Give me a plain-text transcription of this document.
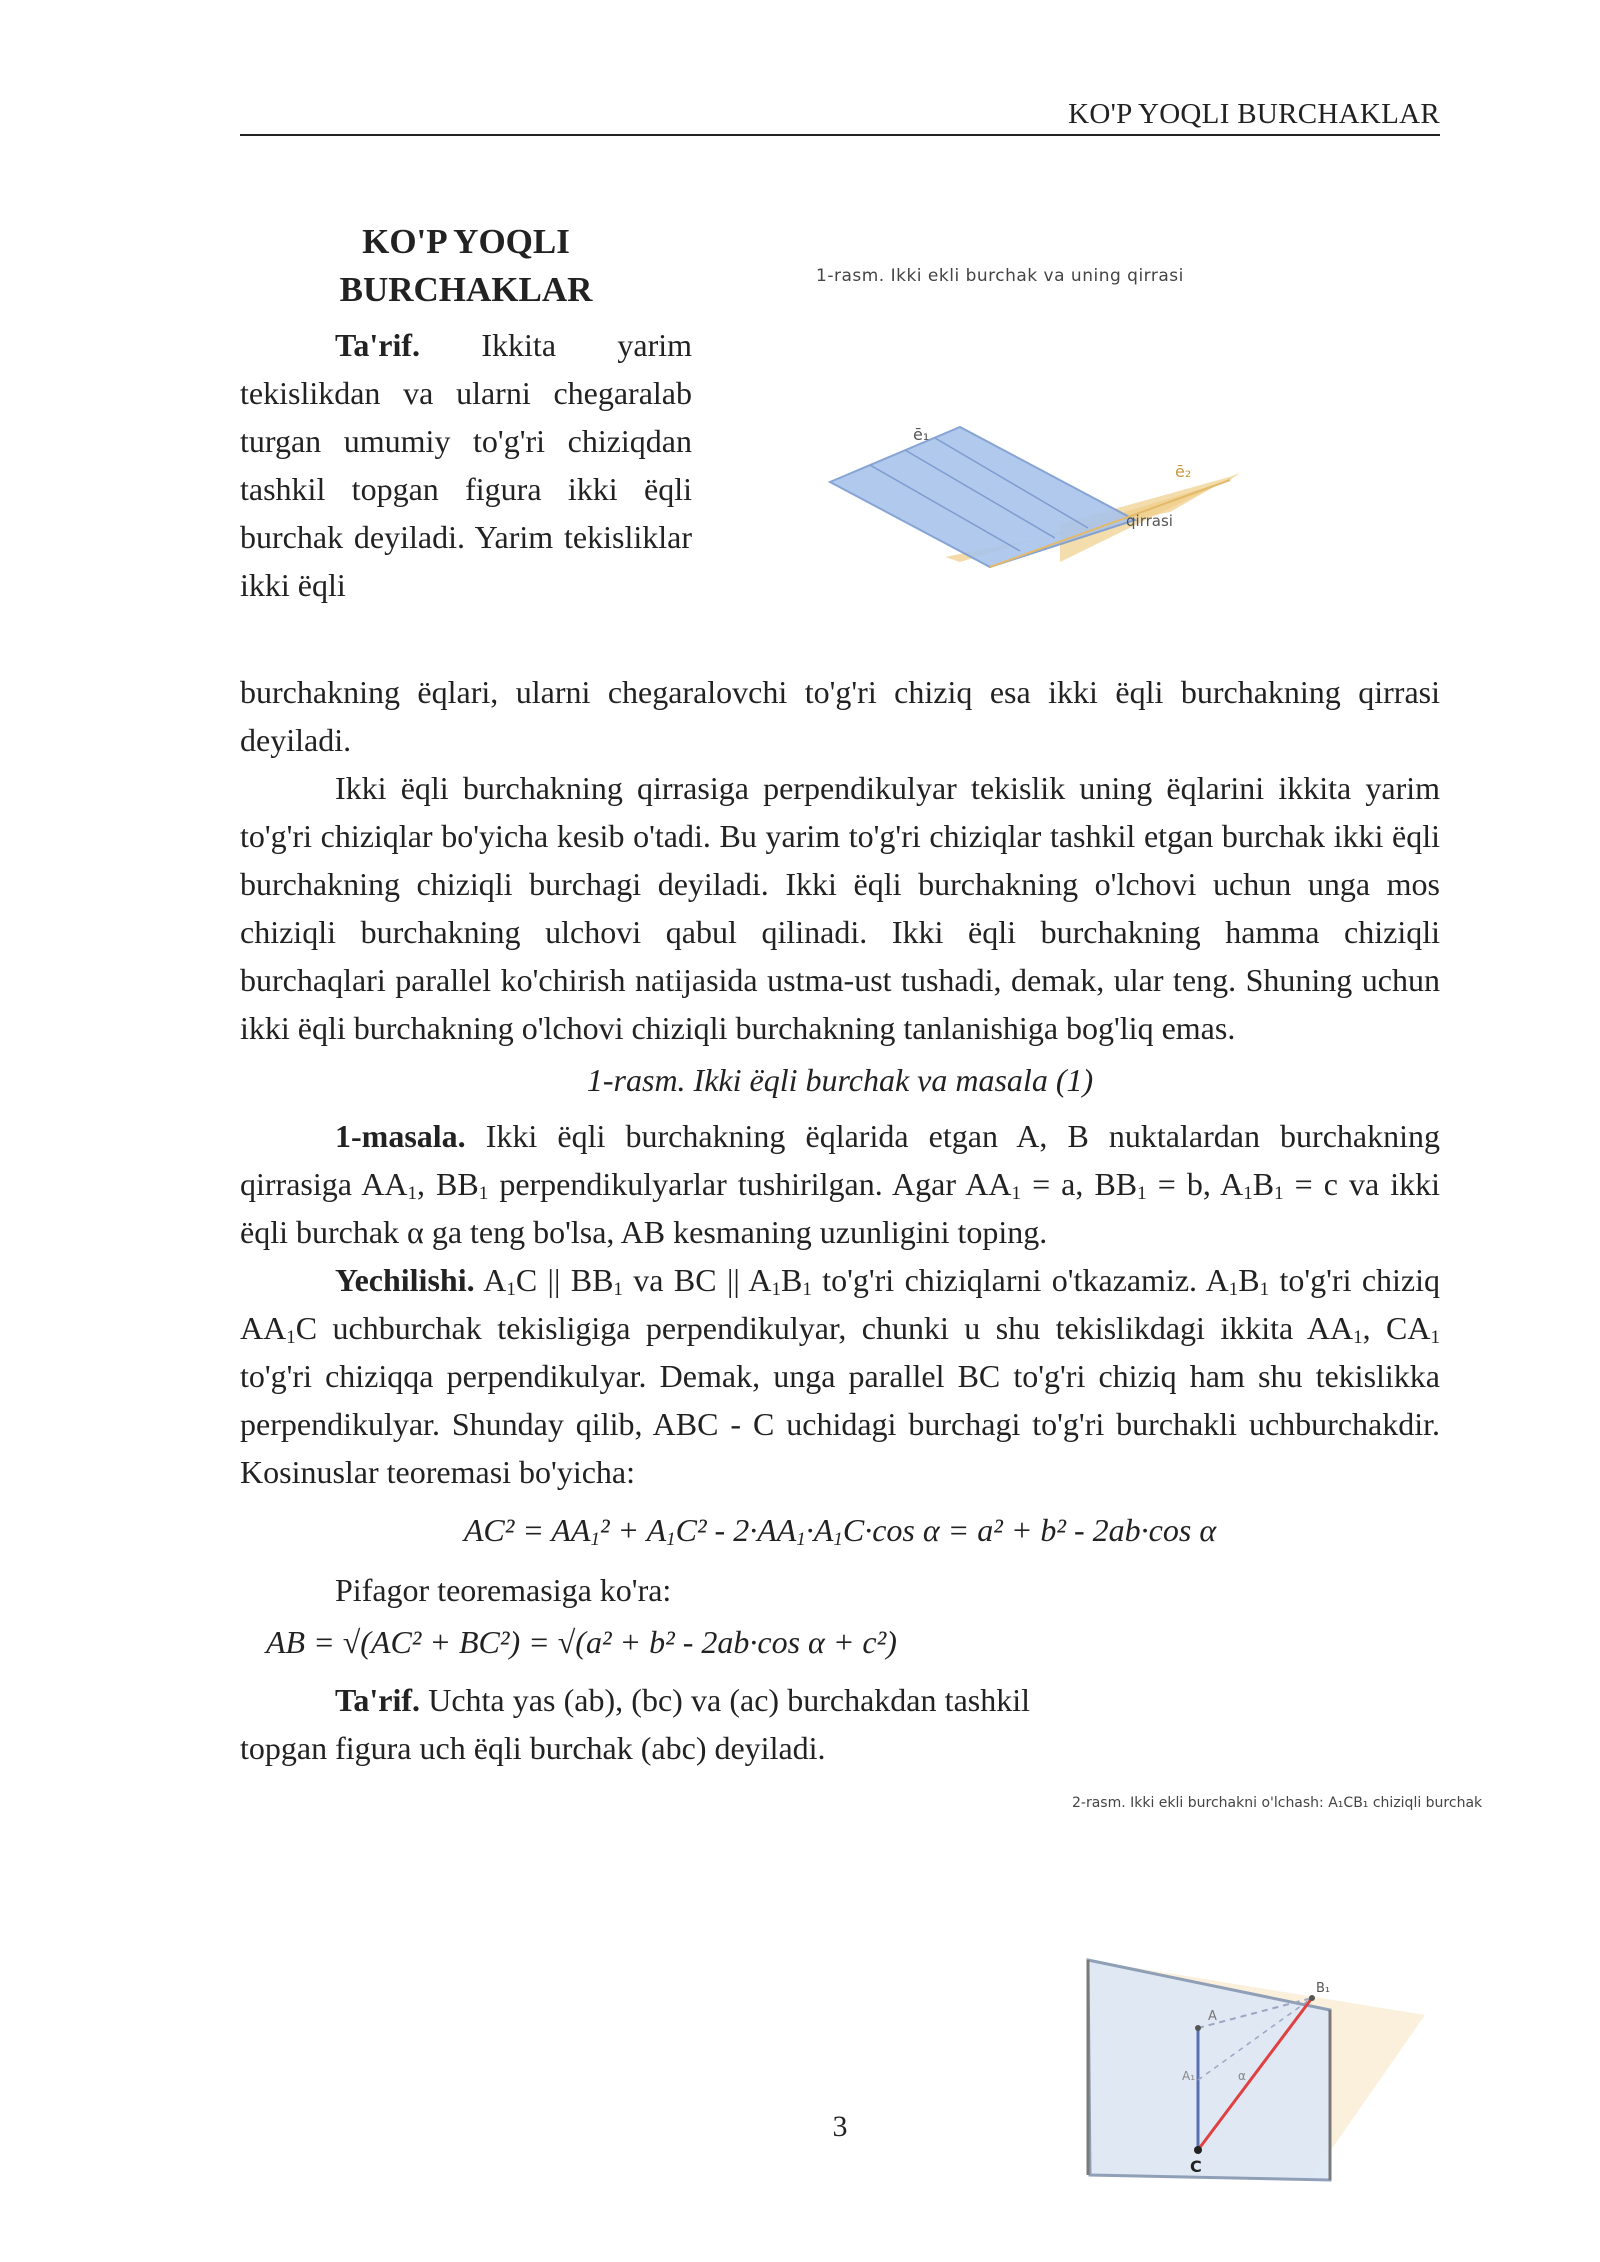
KO'P YOQLI BURCHAKLAR
1-rasm. Ikki ekli burchak va uning qirrasi
ē₁
ē₂
qirrasi
KO'P YOQLI
BURCHAKLAR

Ta'rif. Ikkita yarim tekislikdan va ularni chegaralab turgan umumiy to'g'ri chiziqdan tashkil topgan figura ikki ëqli burchak deyiladi. Yarim tekisliklar ikki ëqli

burchakning ëqlari, ularni chegaralovchi to'g'ri chiziq esa ikki ëqli burchakning qirrasi deyiladi.

Ikki ëqli burchakning qirrasiga perpendikulyar tekislik uning ëqlarini ikkita yarim to'g'ri chiziqlar bo'yicha kesib o'tadi. Bu yarim to'g'ri chiziqlar tashkil etgan burchak ikki ëqli burchakning chiziqli burchagi deyiladi. Ikki ëqli burchakning o'lchovi uchun unga mos chiziqli burchakning ulchovi qabul qilinadi. Ikki ëqli burchakning hamma chiziqli burchaqlari parallel ko'chirish natijasida ustma-ust tushadi, demak, ular teng. Shuning uchun ikki ëqli burchakning o'lchovi chiziqli burchakning tanlanishiga bog'liq emas.

1-rasm. Ikki ëqli burchak va masala (1)

1-masala. Ikki ëqli burchakning ëqlarida etgan A, B nuktalardan burchakning qirrasiga $AA_1$, $BB_1$ perpendikulyarlar tushirilgan. Agar $AA_1 = a$, $BB_1 = b$, $A_1B_1 = c$ va ikki ëqli burchak α ga teng bo'lsa, AB kesmaning uzunligini toping.

Yechilishi. $A_1C$ || $BB_1$ va BC || $A_1B_1$ to'g'ri chiziqlarni o'tkazamiz. $A_1B_1$ to'g'ri chiziq $AA_1C$ uchburchak tekisligiga perpendikulyar, chunki u shu tekislikdagi ikkita $AA_1$, $CA_1$ to'g'ri chiziqqa perpendikulyar. Demak, unga parallel BC to'g'ri chiziq ham shu tekislikka perpendikulyar. Shunday qilib, ABC - C uchidagi burchagi to'g'ri burchakli uchburchakdir. Kosinuslar teoremasi bo'yicha:

$AC^2 = AA_1^2 + A_1C^2 - 2\cdot AA_1\cdot A_1C\cdot\cos$ α = a² + b² - 2ab·cos α

Pifagor teoremasiga ko'ra:

AB = √(AC² + BC²) = √(a² + b² - 2ab·cos α + c²)

Ta'rif. Uchta yas (ab), (bc) va (ac) burchakdan tashkil topgan figura uch ëqli burchak (abc) deyiladi.

2-rasm. Ikki ekli burchakni o'lchash: A₁CB₁ chiziqli burchak
A
B₁
A₁	α
C
3
